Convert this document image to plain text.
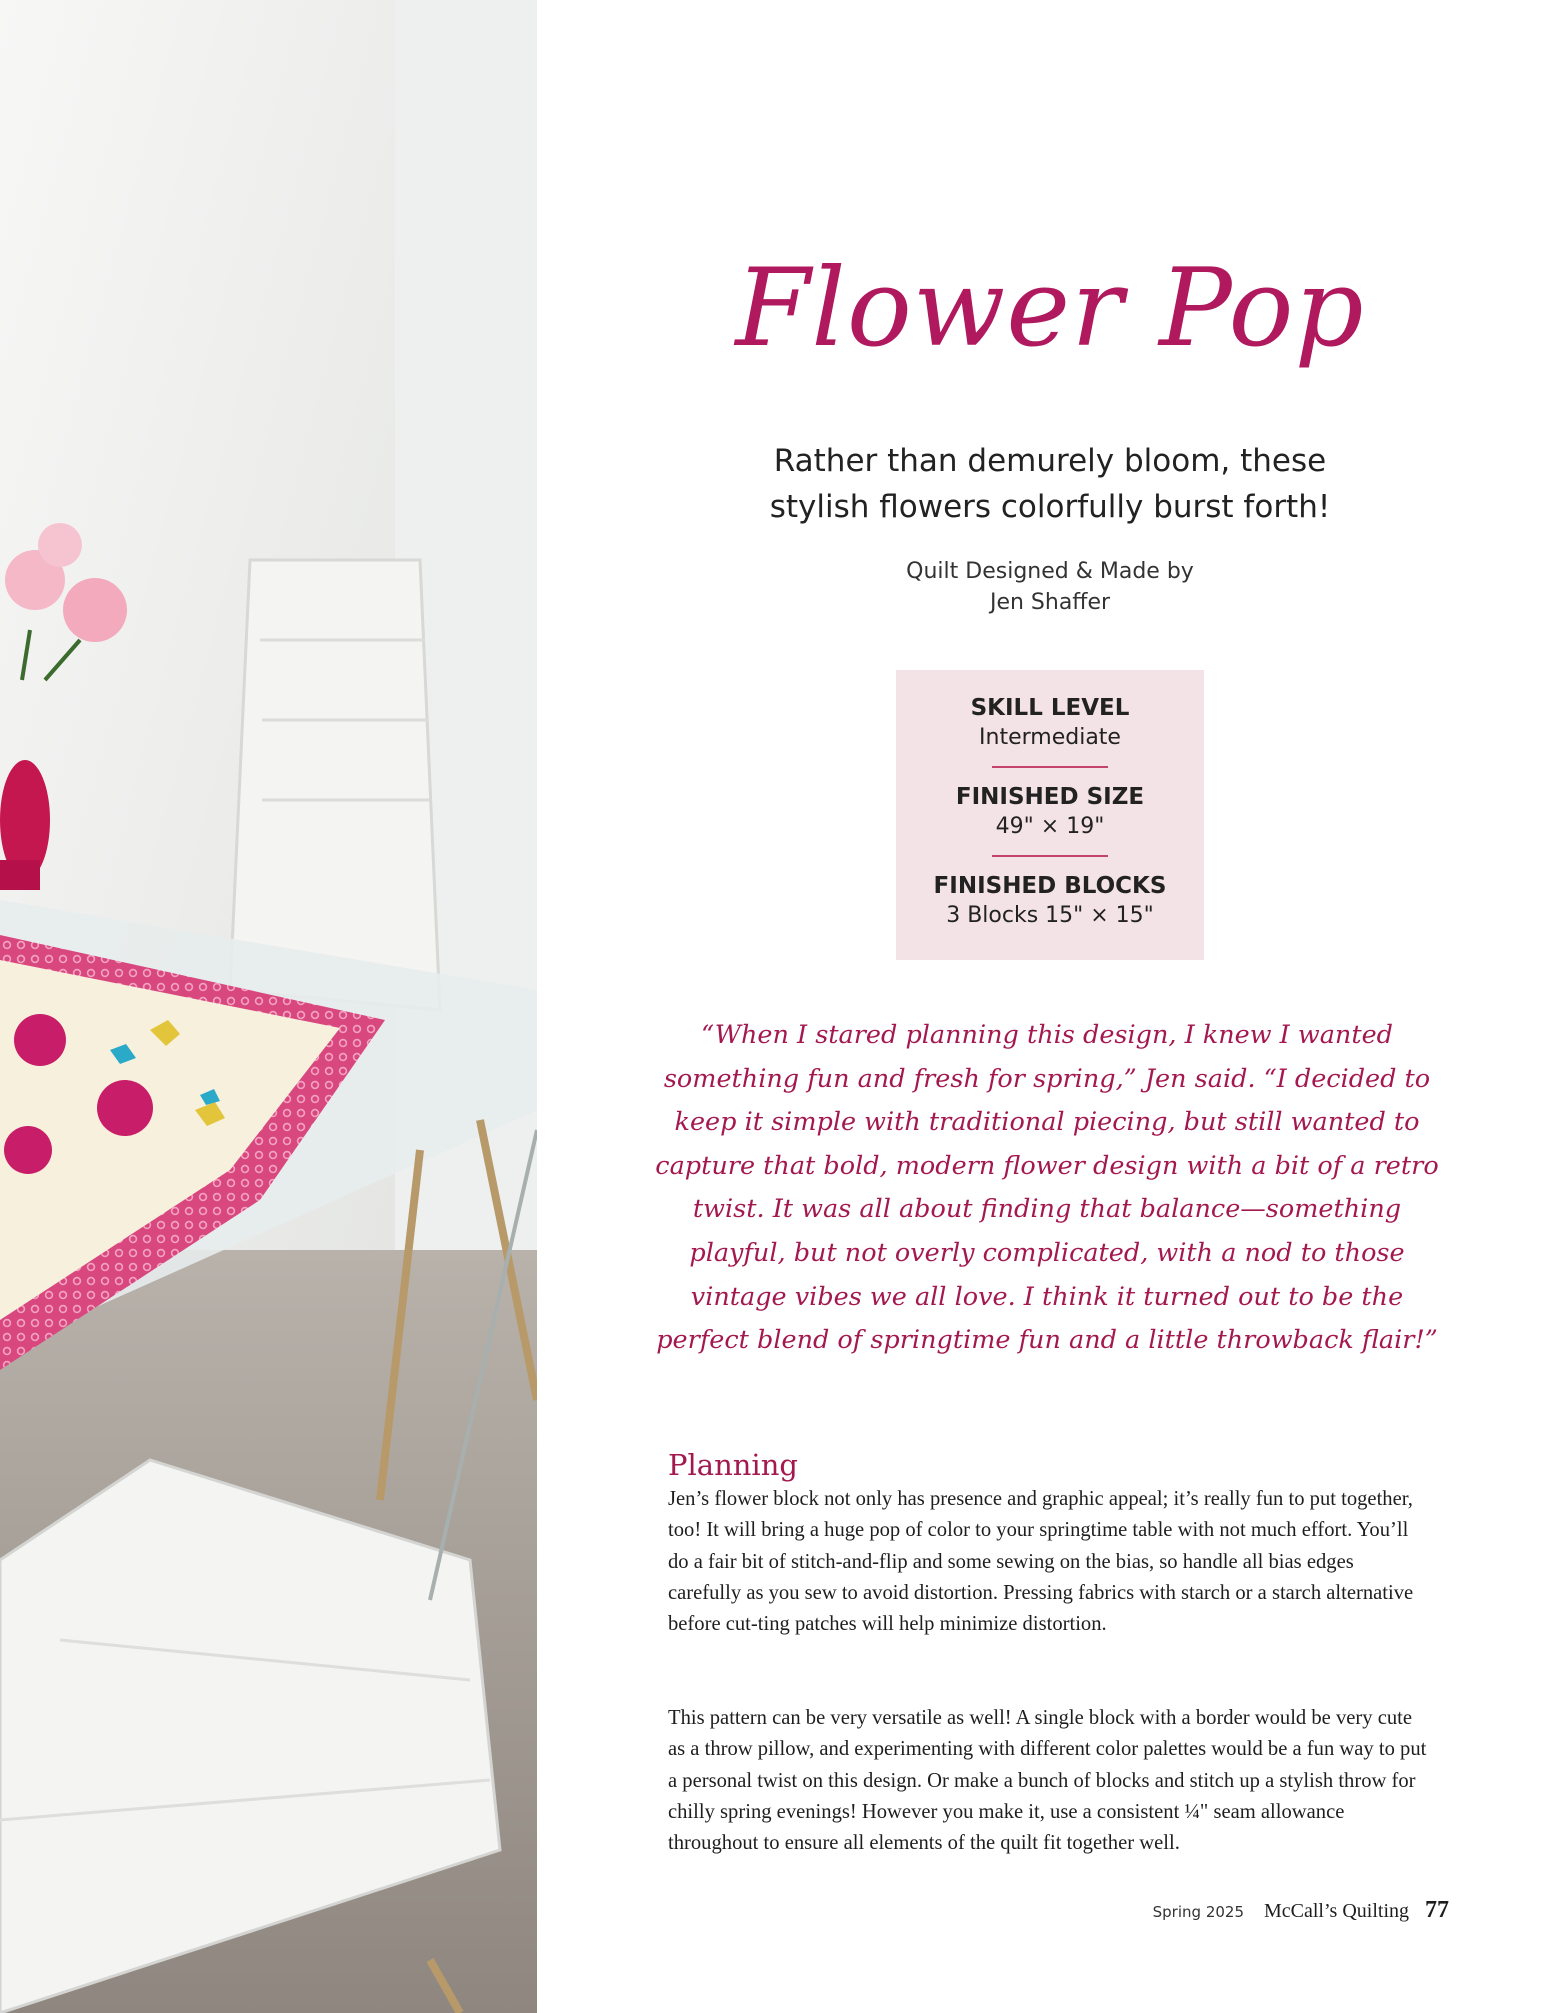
Flower Pop

Rather than demurely bloom, these
stylish flowers colorfully burst forth!

Quilt Designed & Made by
Jen Shaffer

SKILL LEVEL
Intermediate
FINISHED SIZE
49" × 19"
FINISHED BLOCKS
3 Blocks 15" × 15"

“When I stared planning this design, I knew I wanted something fun and fresh for spring,” Jen said. “I decided to keep it simple with traditional piecing, but still wanted to capture that bold, modern flower design with a bit of a retro twist. It was all about finding that balance—something playful, but not overly complicated, with a nod to those vintage vibes we all love. I think it turned out to be the perfect blend of springtime fun and a little throwback flair!”

Planning

Jen’s flower block not only has presence and graphic appeal; it’s really fun to put together, too! It will bring a huge pop of color to your springtime table with not much effort. You’ll do a fair bit of stitch-and-flip and some sewing on the bias, so handle all bias edges carefully as you sew to avoid distortion. Pressing fabrics with starch or a starch alternative before cut-ting patches will help minimize distortion.

This pattern can be very versatile as well! A single block with a border would be very cute as a throw pillow, and experimenting with different color palettes would be a fun way to put a personal twist on this design. Or make a bunch of blocks and stitch up a stylish throw for chilly spring evenings! However you make it, use a consistent ¼" seam allowance throughout to ensure all elements of the quilt fit together well.

Spring 2025 McCall’s Quilting 77
